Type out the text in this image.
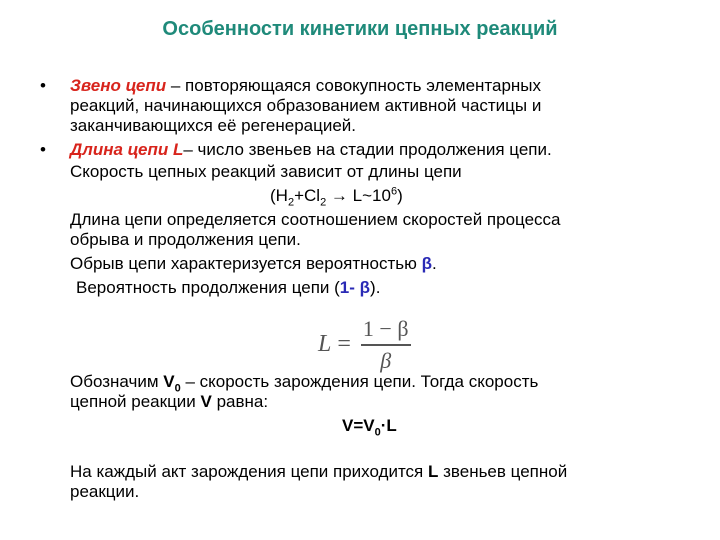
Особенности кинетики цепных реакций
• Звено цепи – повторяющаяся совокупность элементарных
реакций, начинающихся образованием активной частицы и
заканчивающихся её регенерацией.
• Длина цепи L– число звеньев на стадии продолжения цепи.
Скорость цепных реакций зависит от длины цепи
($H_2+Cl_2$ → $L\sim 10^6$)
Длина цепи определяется соотношением скоростей процесса
обрыва и продолжения цепи.
Обрыв цепи характеризуется вероятностью β.
Вероятность продолжения цепи (1- β).
$L = \frac{1 - \beta}{\beta}$
Обозначим $V_0$ – скорость зарождения цепи. Тогда скорость
цепной реакции V равна:
$V=V_0\cdot L$
На каждый акт зарождения цепи приходится L звеньев цепной
реакции.
